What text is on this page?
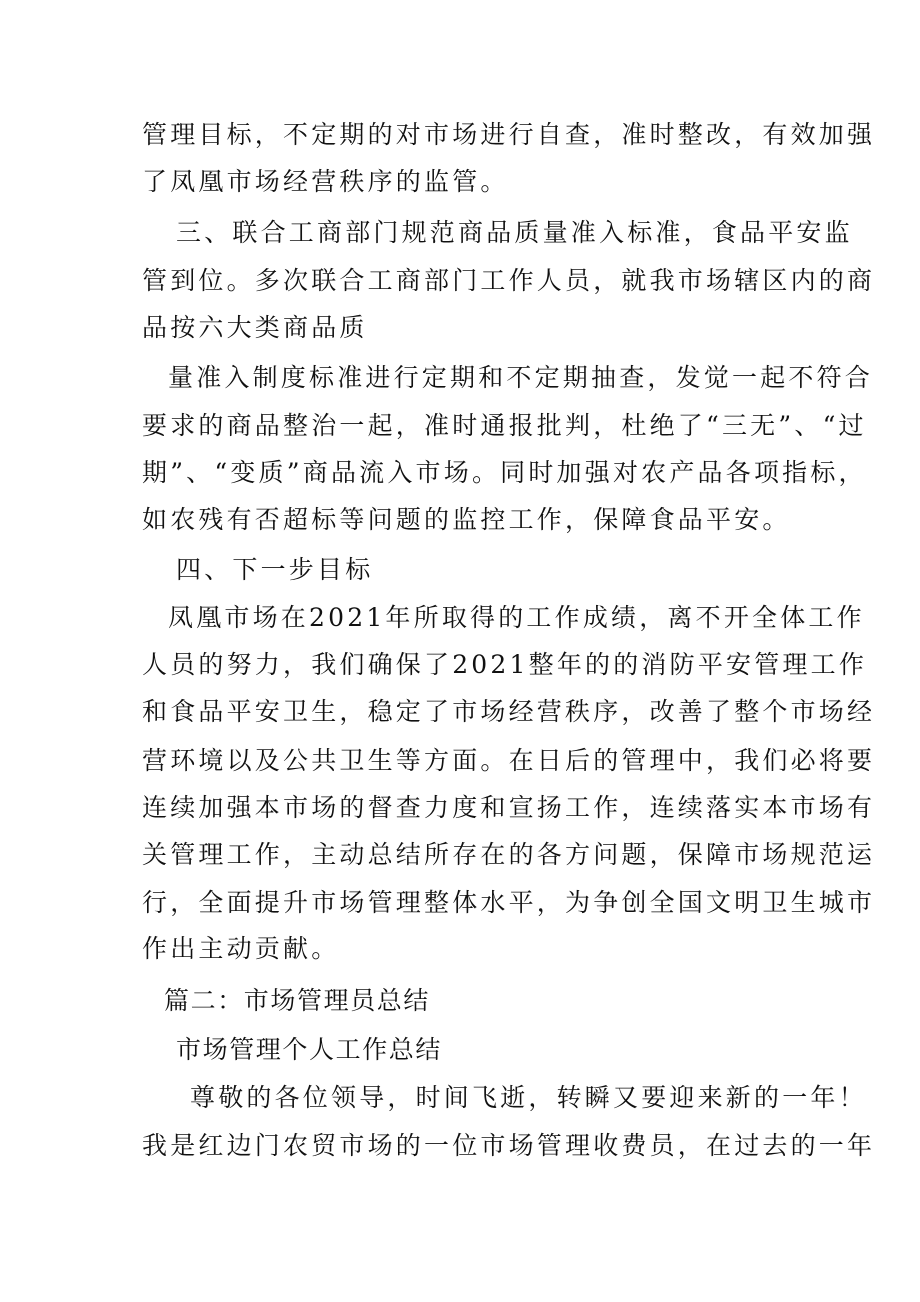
管理目标，不定期的对市场进行自查，准时整改，有效加强
了凤凰市场经营秩序的监管。
三、联合工商部门规范商品质量准入标准，食品平安监
管到位。多次联合工商部门工作人员，就我市场辖区内的商
品按六大类商品质
量准入制度标准进行定期和不定期抽查，发觉一起不符合
要求的商品整治一起，准时通报批判，杜绝了“三无”、“过
期”、“变质”商品流入市场。同时加强对农产品各项指标，
如农残有否超标等问题的监控工作，保障食品平安。
四、下一步目标
凤凰市场在2021年所取得的工作成绩，离不开全体工作
人员的努力，我们确保了2021整年的的消防平安管理工作
和食品平安卫生，稳定了市场经营秩序，改善了整个市场经
营环境以及公共卫生等方面。在日后的管理中，我们必将要
连续加强本市场的督查力度和宣扬工作，连续落实本市场有
关管理工作，主动总结所存在的各方问题，保障市场规范运
行，全面提升市场管理整体水平，为争创全国文明卫生城市
作出主动贡献。
篇二：市场管理员总结
市场管理个人工作总结
尊敬的各位领导，时间飞逝，转瞬又要迎来新的一年！
我是红边门农贸市场的一位市场管理收费员，在过去的一年
